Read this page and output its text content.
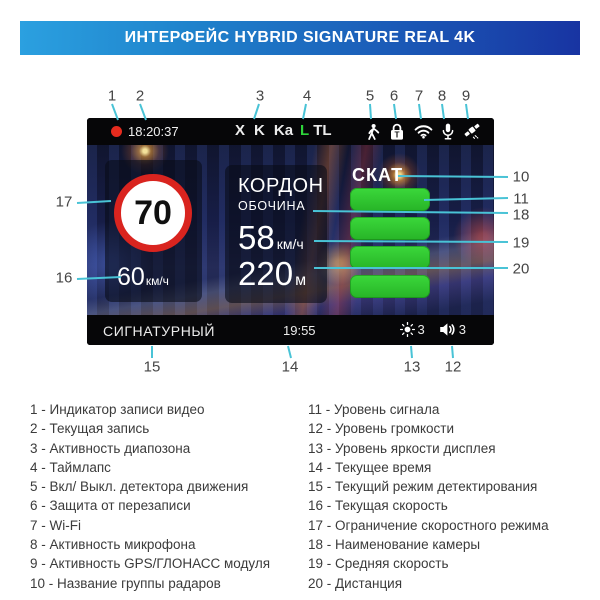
ИНТЕРФЕЙС HYBRID SIGNATURE REAL 4K
18:20:37	X K Ka L TL	T
70
60 км/ч
КОРДОН
ОБОЧИНА
58 км/ч
220 м
СКАТ
СИГНАТУРНЫЙ	19:55	3	3
1 2	3	4	5 6 7 8 9
10
11
12
13
14
15
16
17
18
19
20
1 - Индикатор записи видео
2 - Текущая запись
3 - Активность диапозона
4 - Таймлапс
5 - Вкл/ Выкл. детектора движения
6 - Защита от перезаписи
7 - Wi-Fi
8 - Активность микрофона
9 - Активность GPS/ГЛОНАСС модуля
10 - Название группы радаров
11 - Уровень сигнала
12 - Уровень громкости
13 - Уровень яркости дисплея
14 - Текущее время
15 - Текущий режим детектирования
16 - Текущая скорость
17 - Ограничение скоростного режима
18 - Наименование камеры
19 - Средняя скорость
20 - Дистанция
